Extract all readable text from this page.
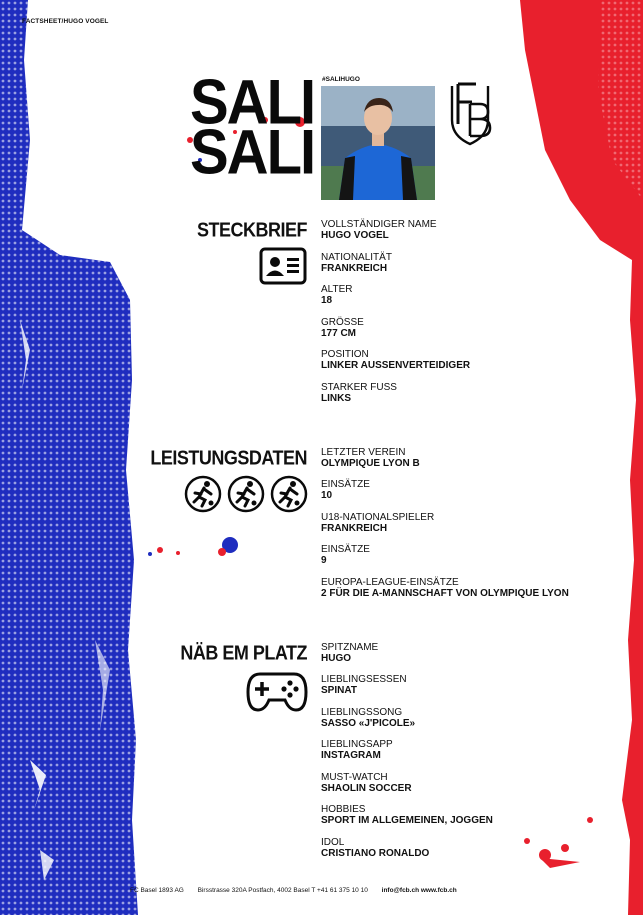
FACTSHEET/HUGO VOGEL
SALI
SALI
#SALIHUGO
STECKBRIEF VOLLSTÄNDIGER NAME
HUGO VOGEL
NATIONALITÄT
FRANKREICH
ALTER
18
GRÖSSE
177 CM
POSITION
LINKER AUSSENVERTEIDIGER
STARKER FUSS
LINKS
LEISTUNGSDATEN LETZTER VEREIN
OLYMPIQUE LYON B
EINSÄTZE
10
U18-NATIONALSPIELER
FRANKREICH
EINSÄTZE
9
EUROPA-LEAGUE-EINSÄTZE
2 FÜR DIE A-MANNSCHAFT VON OLYMPIQUE LYON
NÄB EM PLATZ SPITZNAME
HUGO
LIEBLINGSESSEN
SPINAT
LIEBLINGSSONG
SASSO «J'PICOLE»
LIEBLINGSAPP
INSTAGRAM
MUST-WATCH
SHAOLIN SOCCER
HOBBIES
SPORT IM ALLGEMEINEN, JOGGEN
IDOL
CRISTIANO RONALDO
FC Basel 1893 AG Birsstrasse 320A Postfach, 4002 Basel T +41 61 375 10 10 info@fcb.ch www.fcb.ch
